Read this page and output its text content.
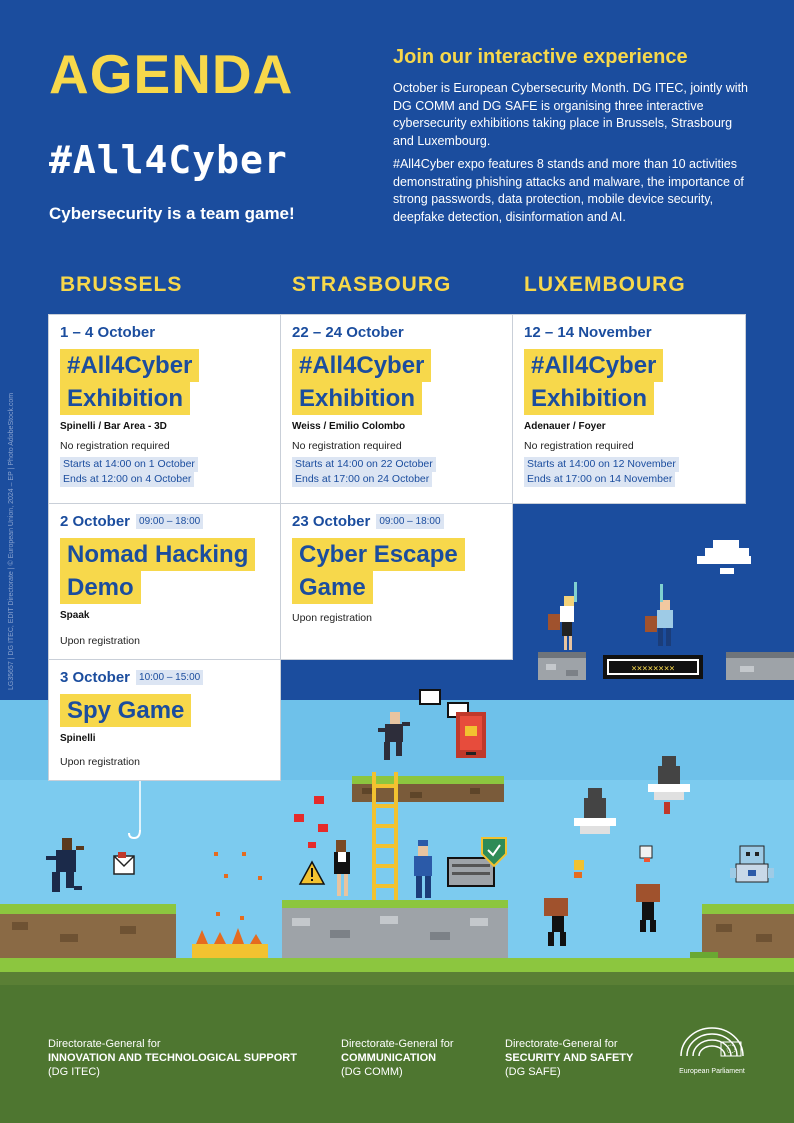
××××××××
AGENDA
#All4Cyber
Cybersecurity is a team game!
Join our interactive experience
October is European Cybersecurity Month. DG ITEC, jointly with DG COMM and DG SAFE is organising three interactive cybersecurity exhibitions taking place in Brussels, Strasbourg and Luxembourg.
#All4Cyber expo features 8 stands and more than 10 activities demonstrating phishing attacks and malware, the importance of strong passwords, data protection, mobile device security, deepfake detection, disinformation and AI.
BRUSSELS	STRASBOURG	LUXEMBOURG
1 – 4 October
#All4Cyber
Exhibition
Spinelli / Bar Area - 3D
No registration required
Starts at 14:00 on 1 October
Ends at 12:00 on 4 October
22 – 24 October
#All4Cyber
Exhibition
Weiss / Emilio Colombo
No registration required
Starts at 14:00 on 22 October
Ends at 17:00 on 24 October
12 – 14 November
#All4Cyber
Exhibition
Adenauer / Foyer
No registration required
Starts at 14:00 on 12 November
Ends at 17:00 on 14 November
2 October 09:00 – 18:00
Nomad Hacking
Demo
Spaak
Upon registration
23 October 09:00 – 18:00
Cyber Escape
Game
Upon registration
3 October 10:00 – 15:00
Spy Game
Spinelli
Upon registration
LG35657 | DG ITEC, EDIT Directorate | © European Union, 2024 – EP | Photo AdobeStock.com
Directorate-General for
INNOVATION AND TECHNOLOGICAL SUPPORT
(DG ITEC)
Directorate-General for
COMMUNICATION
(DG COMM)
Directorate-General for
SECURITY AND SAFETY
(DG SAFE)	European Parliament
